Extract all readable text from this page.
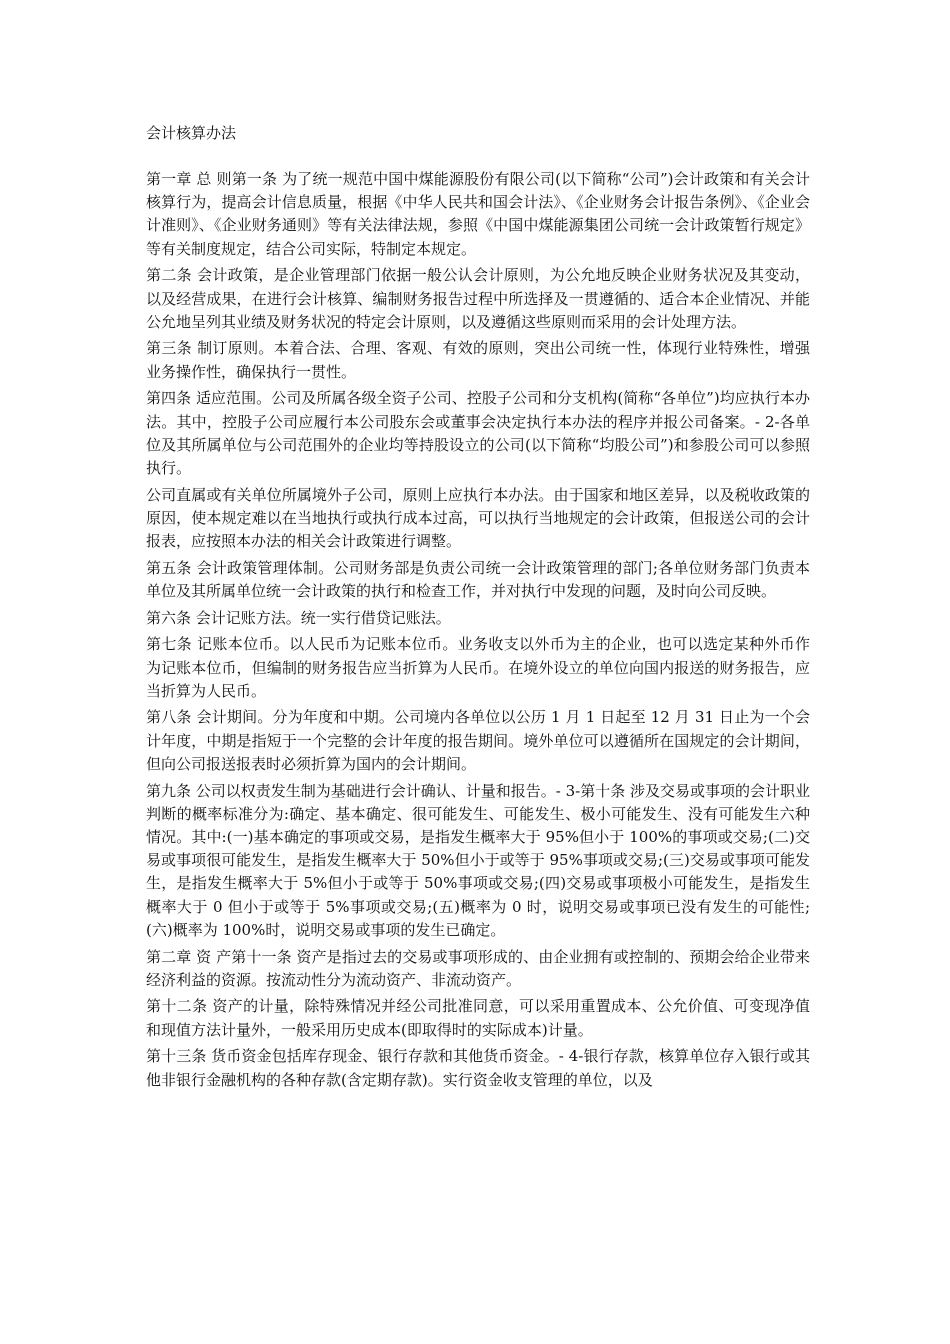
会计核算办法

第一章 总 则第一条 为了统一规范中国中煤能源股份有限公司(以下简称“公司”)会计政策和有关会计核算行为，提高会计信息质量，根据《中华人民共和国会计法》、《企业财务会计报告条例》、《企业会计准则》、《企业财务通则》等有关法律法规，参照《中国中煤能源集团公司统一会计政策暂行规定》等有关制度规定，结合公司实际，特制定本规定。

第二条 会计政策，是企业管理部门依据一般公认会计原则，为公允地反映企业财务状况及其变动，以及经营成果，在进行会计核算、编制财务报告过程中所选择及一贯遵循的、适合本企业情况、并能公允地呈列其业绩及财务状况的特定会计原则，以及遵循这些原则而采用的会计处理方法。

第三条 制订原则。本着合法、合理、客观、有效的原则，突出公司统一性，体现行业特殊性，增强业务操作性，确保执行一贯性。

第四条 适应范围。公司及所属各级全资子公司、控股子公司和分支机构(简称“各单位”)均应执行本办法。其中，控股子公司应履行本公司股东会或董事会决定执行本办法的程序并报公司备案。- 2-各单位及其所属单位与公司范围外的企业均等持股设立的公司(以下简称“均股公司”)和参股公司可以参照执行。

公司直属或有关单位所属境外子公司，原则上应执行本办法。由于国家和地区差异，以及税收政策的原因，使本规定难以在当地执行或执行成本过高，可以执行当地规定的会计政策，但报送公司的会计报表，应按照本办法的相关会计政策进行调整。

第五条 会计政策管理体制。公司财务部是负责公司统一会计政策管理的部门;各单位财务部门负责本单位及其所属单位统一会计政策的执行和检查工作，并对执行中发现的问题，及时向公司反映。

第六条 会计记账方法。统一实行借贷记账法。

第七条 记账本位币。以人民币为记账本位币。业务收支以外币为主的企业，也可以选定某种外币作为记账本位币，但编制的财务报告应当折算为人民币。在境外设立的单位向国内报送的财务报告，应当折算为人民币。

第八条 会计期间。分为年度和中期。公司境内各单位以公历 1 月 1 日起至 12 月 31 日止为一个会计年度，中期是指短于一个完整的会计年度的报告期间。境外单位可以遵循所在国规定的会计期间，但向公司报送报表时必须折算为国内的会计期间。

第九条 公司以权责发生制为基础进行会计确认、计量和报告。- 3-第十条 涉及交易或事项的会计职业判断的概率标准分为:确定、基本确定、很可能发生、可能发生、极小可能发生、没有可能发生六种情况。其中:(一)基本确定的事项或交易，是指发生概率大于 95%但小于 100%的事项或交易;(二)交易或事项很可能发生，是指发生概率大于 50%但小于或等于 95%事项或交易;(三)交易或事项可能发生，是指发生概率大于 5%但小于或等于 50%事项或交易;(四)交易或事项极小可能发生，是指发生概率大于 0 但小于或等于 5%事项或交易;(五)概率为 0 时，说明交易或事项已没有发生的可能性;(六)概率为 100%时，说明交易或事项的发生已确定。

第二章 资 产第十一条 资产是指过去的交易或事项形成的、由企业拥有或控制的、预期会给企业带来经济利益的资源。按流动性分为流动资产、非流动资产。

第十二条 资产的计量，除特殊情况并经公司批准同意，可以采用重置成本、公允价值、可变现净值和现值方法计量外，一般采用历史成本(即取得时的实际成本)计量。

第十三条 货币资金包括库存现金、银行存款和其他货币资金。- 4-银行存款，核算单位存入银行或其他非银行金融机构的各种存款(含定期存款)。实行资金收支管理的单位，以及
